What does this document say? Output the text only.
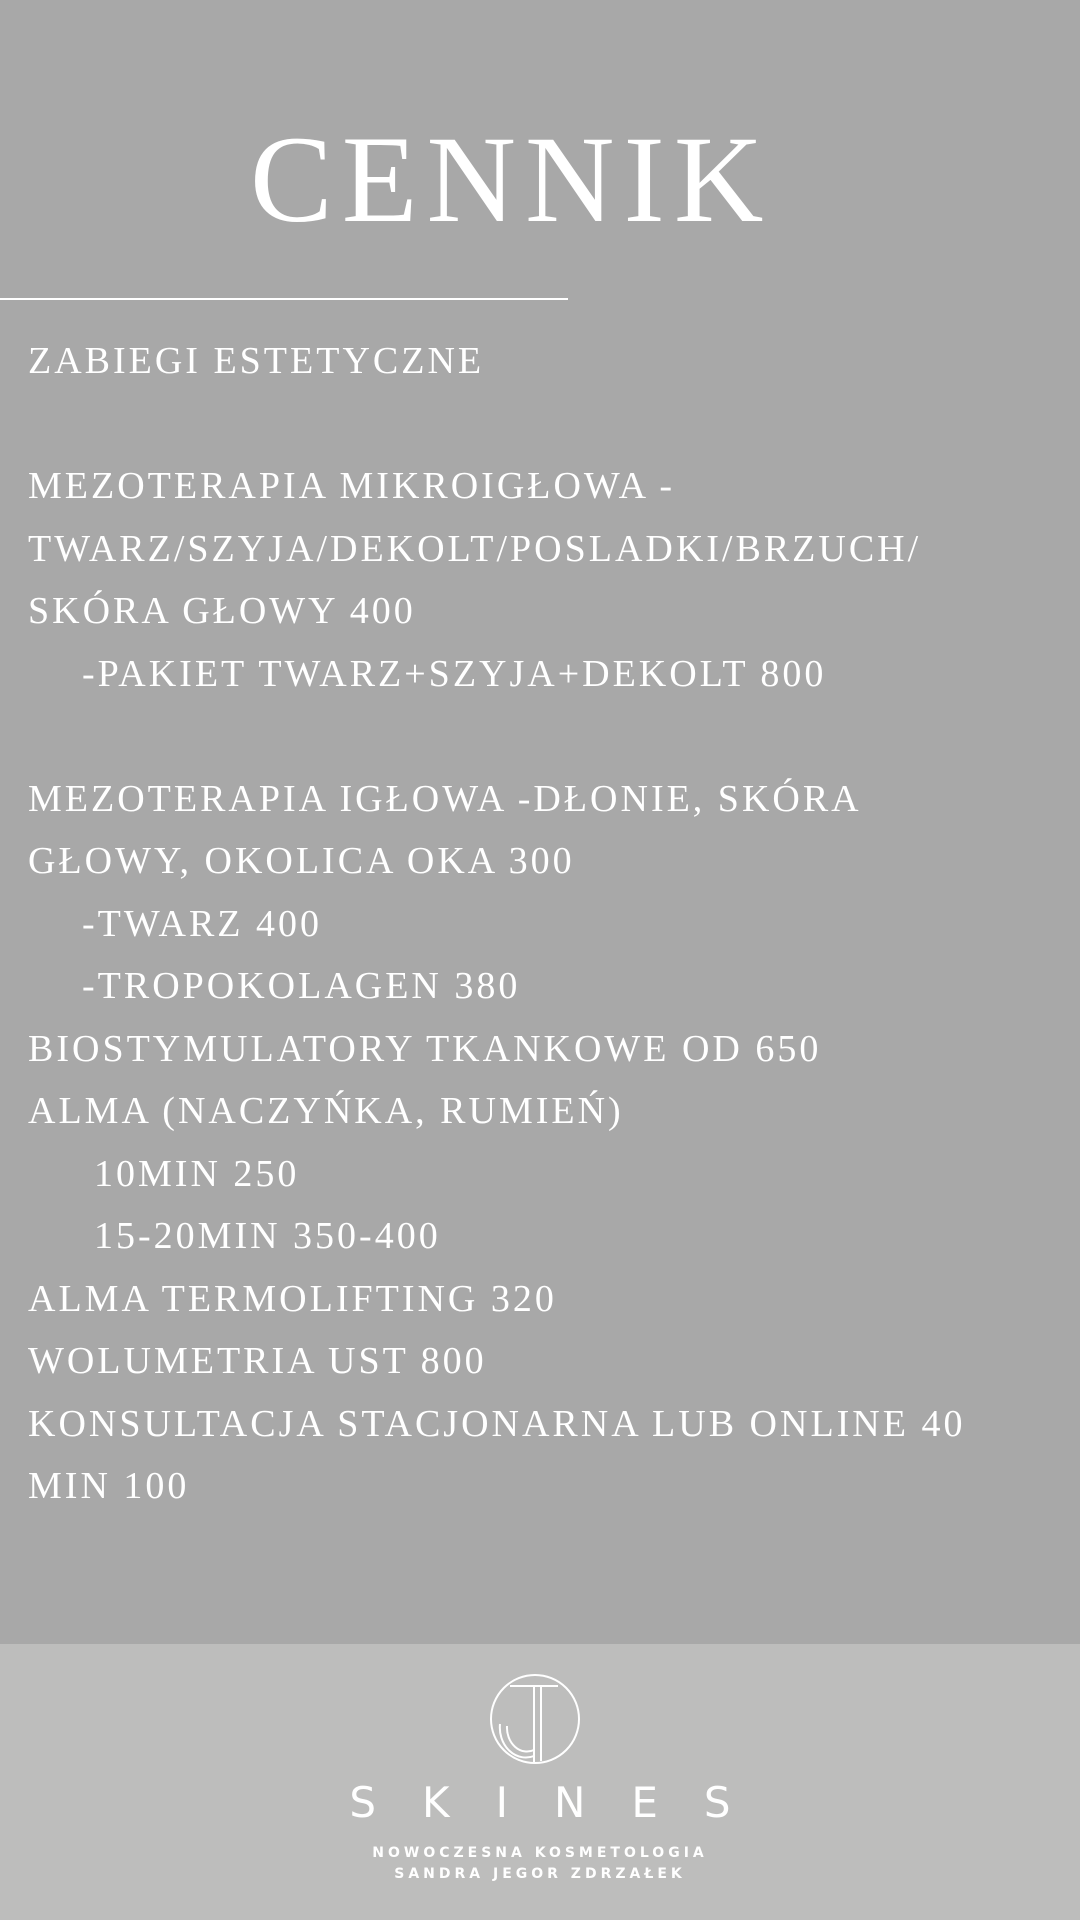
CENNIK
ZABIEGI ESTETYCZNE
MEZOTERAPIA MIKROIGŁOWA -
TWARZ/SZYJA/DEKOLT/POSLADKI/BRZUCH/
SKÓRA GŁOWY 400
-PAKIET TWARZ+SZYJA+DEKOLT 800
MEZOTERAPIA IGŁOWA -DŁONIE, SKÓRA
GŁOWY, OKOLICA OKA 300
-TWARZ 400
-TROPOKOLAGEN 380
BIOSTYMULATORY TKANKOWE OD 650
ALMA (NACZYŃKA, RUMIEŃ)
10MIN 250
15-20MIN 350-400
ALMA TERMOLIFTING 320
WOLUMETRIA UST 800
KONSULTACJA STACJONARNA LUB ONLINE 40
MIN 100
SKINES
NOWOCZESNA KOSMETOLOGIA
SANDRA JEGOR ZDRZAŁEK
